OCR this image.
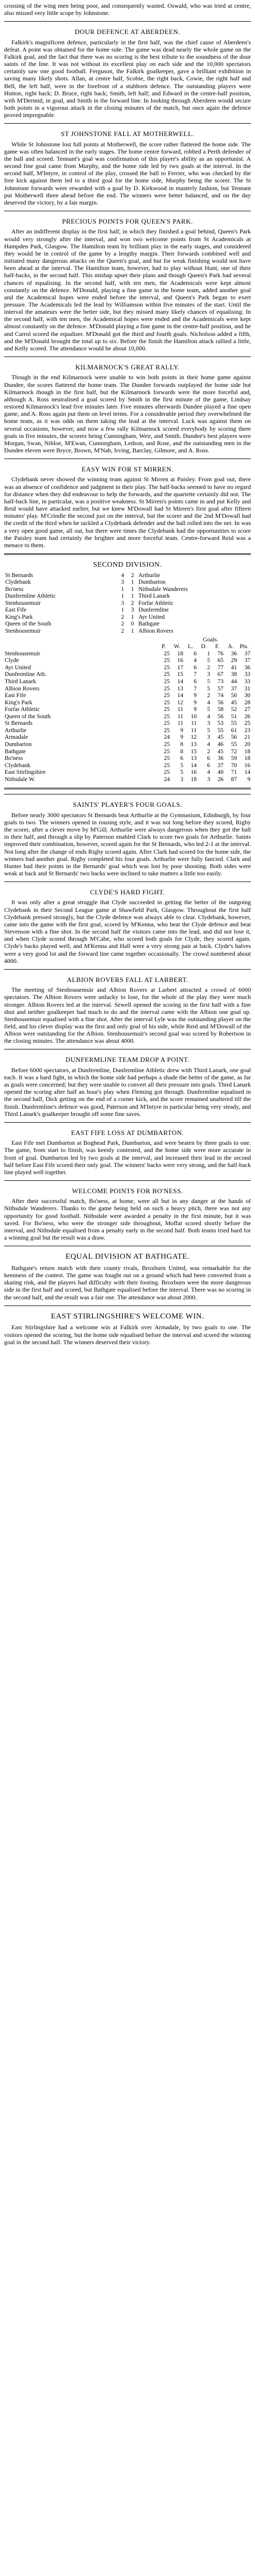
crossing of the wing men being poor, and consequently wasted. Oswald, who was tried at centre, also missed very little scope by Johnstone.

DOUR DEFENCE AT ABERDEEN.

Falkirk's magnificent defence, particularly in the first half, was the chief cause of Aberdeen's defeat. A point was obtained for the home side. The game was dead nearly the whole game on the Falkirk goal, and the fact that there was no scoring is the best tribute to the soundness of the dour saints of the line. It was not without its excellent play on each side and the 10,000 spectators certainly saw one good football. Ferguson, the Falkirk goalkeeper, gave a brilliant exhibition in saving many likely shots. Allan, at centre half, Scobie, the right back, Cowie, the right half and Bell, the left half, were in the forefront of a stubborn defence. The outstanding players were Hutton, right back; D. Bruce, right back; Smith, left half; and Edward in the centre-half position, with M'Dermid, in goal, and Smith in the forward line. In looking through Aberdeen would secure both points in a vigorous attack in the closing minutes of the match, but once again the defence proved impregnable.

ST JOHNSTONE FALL AT MOTHERWELL.

While St Johnstone lost full points at Motherwell, the score rather flattered the home side. The game was often balanced in the early stages. The home centre forward, robbed a Perth defender of the ball and scored. Tennant's goal was confirmation of this player's ability as an opportunist. A second fine goal came from Murphy, and the home side led by two goals at the interval. In the second half, M'Intyre, in control of the play, crossed the ball to Ferrier, who was checked by the free kick against them led to a third goal for the home side, Murphy being the scorer. The St Johnstone forwards were rewarded with a goal by D. Kirkwood in masterly fashion, but Tennant put Motherwell three ahead before the end. The winners were better balanced, and on the day deserved the victory, by a fair margin.

PRECIOUS POINTS FOR QUEEN'S PARK.

After an indifferent display in the first half, in which they finished a goal behind, Queen's Park would very strongly after the interval, and won two welcome points from St Academicals at Hampden Park, Glasgow. The Hamilton team by brilliant play in the early stages, and considered they would be in control of the game by a lengthy margin. Their forwards combined well and initiated many dangerous attacks on the Queen's goal, and but for weak finishing would not have been ahead at the interval. The Hamilton team, however, had to play without Hunt, one of their half-backs, in the second half. This mishap upset their plans and though Queen's Park had several chances of equalising. In the second half, with ten men, the Academicals were kept almost constantly on the defence. M'Donald, playing a fine game in the home team, added another goal and the Academical hopes were ended before the interval, and Queen's Park began to exert pressure. The Academicals led the lead by Williamson within five minutes of the start. Until the interval the amateurs were the better side, but they missed many likely chances of equalising. In the second half, with ten men, the Academical hopes were ended and the Academicals were kept almost constantly on the defence. M'Donald playing a fine game in the centre-half position, and he and Carrol scored the equaliser. M'Donald got the third and fourth goals. Nicholson added a fifth, and the M'Donald brought the total up to six. Before the finish the Hamilton attack rallied a little, and Kelly scored. The attendance would be about 10,000.

KILMARNOCK'S GREAT RALLY.

Though in the end Kilmarnock were unable to win both points in their home game against Dundee, the scores flattered the home team. The Dundee forwards outplayed the home side but Kilmarnock though in the first half, but the Kilmarnock forwards were the more forceful and, although A. Ross neutralised a goal scored by Smith in the first minute of the game, Lindsay restored Kilmarnock's lead five minutes later. Five minutes afterwards Dundee played a fine open game, and A. Ross again put them on level terms. For a considerable period they overwhelmed the home team, as it was odds on them taking the lead at the interval. Luck was against them on several occasions, however, and now a few rally Kilmarnock scored everybody by scoring three goals in five minutes, the scorers being Cunningham, Weir, and Smith. Dundee's best players were Morgan, Swan, Nibloe, M'Ewan, Cunningham, Ledson, and Rose, and the outstanding men in the Dundee eleven were Bryce, Brown, M'Nab, Irving, Barclay, Gilmore, and A. Ross.

EASY WIN FOR ST MIRREN.

Clydebank never showed the winning team against St Mirren at Paisley. From goal out, there was an absence of confidence and judgment in their play. The half-backs seemed to have no regard for distance when they did endeavour to help the forwards, and the quartette certainly did not. The half-back line, in particular, was a positive weakness. St Mirren's points came in and put Kelly and Reid would have attacked earlier, but we knew M'Dowall had St Mirren's first goal after fifteen minutes' play. M'Crindle the second just on the interval, but the scorer and the 2nd M'Dowall had the credit of the third when he tackled a Clydebank defender and the ball rolled into the net. In was a very open good game, all out, but there were times the Clydebank had the opportunities to score the Paisley team had certainly the brighter and more forceful team. Centre-forward Reid was a menace to them.

SECOND DIVISION.
St Bernards	4	2	Arthurlie
Clydebank	3	1	Dumbarton
Bo'ness	1	1	Nithsdale Wanderers
Dunfermline Athletic	1	1	Third Lanark
Stenhousemuir	3	2	Forfar Athletic
East Fife	1	3	Dunfermline
King's Park	2	1	Ayr United
Queen of the South	2	0	Bathgate
Stenhousemuir	2	1	Albion Rovers
				Goals.			
	P.	W.	L.	D.	F.	A.	Pts.
Stenhousemuir	25	18	6	1	76	36	37
Clyde	25	16	4	5	65	29	37
Ayr United	25	17	6	2	77	41	36
Dunfermline Ath.	25	15	7	3	67	38	33
Third Lanark	25	14	6	5	73	44	33
Albion Rovers	25	13	7	5	57	37	31
East Fife	25	14	9	2	74	50	30
King's Park	25	12	9	4	56	45	28
Forfar Athletic	25	11	9	5	58	52	27
Queen of the South	25	11	10	4	56	51	26
St Bernards	25	11	11	3	53	55	25
Arthurlie	25	9	11	5	55	61	23
Armadale	24	9	12	3	45	56	21
Dumbarton	25	8	13	4	46	55	20
Bathgate	25	8	15	2	45	72	18
Bo'ness	25	6	13	6	36	59	18
Clydebank	25	5	14	6	37	70	16
East Stirlingshire	25	5	16	4	40	71	14
Nithsdale W.	24	3	18	3	26	87	9
SAINTS' PLAYER'S FOUR GOALS.

Before nearly 3000 spectators St Bernards beat Arthurlie at the Gymnasium, Edinburgh, by four goals to two. The winners opened in rousing style, and it was not long before they scored, Rigby the scorer, after a clever move by M'Gill. Arthurlie were always dangerous when they got the ball in their half, and through a slip by Paterson enabled Clark to score two goals for Arthurlie. Saints improved their combination, however, scored again for the St Bernards, who led 2-1 at the interval. Not long after the change of ends Rigby scored again. After Clark had scored for the home side, the winners had another goal. Rigby completed his four goals. Arthurlie were fully fancied. Clark and Hunter had their points in the Bernards' goal which was lost by poor shooting. Both sides were weak at back and St Bernards' two backs were inclined to take matters a little too easily.

CLYDE'S HARD FIGHT.

It was only after a great struggle that Clyde succeeded in getting the better of the outgoing Clydebank in their Second League game at Shawfield Park, Glasgow. Throughout the first half Clydebank pressed strongly, but the Clyde defence was always able to clear. Clydebank, however, came into the game with the first goal, scored by M'Kenna, who beat the Clyde defence and beat Stevenson with a fine shot. In the second half the visitors came into the lead, and did not lose it, and when Clyde scored through M'Cabe, who scored both goals for Clyde, they scored again. Clyde's backs played well, and M'Kenna and Hall were a very strong pair at back. Clyde's halves were a very good lot and the forward line came together occasionally. The crowd numbered about 4000.

ALBION ROVERS FALL AT LARBERT.

The meeting of Stenhousemuir and Albion Rovers at Larbert attracted a crowd of 6000 spectators. The Albion Rovers were unlucky to lose, for the whole of the play they were much stronger. Albion Rovers led at the interval. Sewell opened the scoring in the first half with a fine shot and neither goalkeeper had much to do and the interval came with the Albion one goal up. Stenhousemuir equalised with a fine shot. After the interval Lyle was the outstanding player on the field, and his clever display was the first and only goal of his side, while Reid and M'Dowall of the Albion were outstanding for the Albion. Stenhousemuir's second goal was scored by Robertson in the closing minutes. The attendance was about 4000.

DUNFERMLINE TEAM DROP A POINT.

Before 6000 spectators, at Dunfermline, Dunfermline Athletic drew with Third Lanark, one goal each. It was a hard fight, in which the home side had perhaps a shade the better of the game, as far as goals were concerned; but they were unable to convert all their pressure into goals. Third Lanark opened the scoring after half an hour's play when Fleming got through. Dunfermline equalised in the second half, Dick getting on the end of a corner kick, and the score remained unaltered till the finish. Dunfermline's defence was good, Paterson and M'Intyre in particular being very steady, and Third Lanark's goalkeeper brought off some fine saves.

EAST FIFE LOSS AT DUMBARTON.

East Fife met Dumbarton at Boghead Park, Dumbarton, and were beaten by three goals to one. The game, from start to finish, was keenly contested, and the home side were more accurate in front of goal. Dumbarton led by two goals at the interval, and increased their lead in the second half before East Fife scored their only goal. The winners' backs were very strong, and the half-back line played well together.

WELCOME POINTS FOR BO'NESS.

After their successful match, Bo'ness, at home, were all but in any danger at the hands of Nithsdale Wanderers. Thanks to the game being held on such a heavy pitch, there was not any opportunity for good football. Nithsdale were awarded a penalty in the first minute, but it was saved. For Bo'ness, who were the stronger side throughout, Moffat scored shortly before the interval, and Nithsdale equalised from a penalty early in the second half. Both teams tried hard for a winning goal but the result was a draw.

EQUAL DIVISION AT BATHGATE.

Bathgate's return match with their county rivals, Broxburn United, was remarkable for the keenness of the contest. The game was fought out on a ground which had been converted from a skating rink, and the players had difficulty with their footing. Broxburn were the more dangerous side in the first half and scored, but Bathgate equalised before the interval. There was no scoring in the second half, and the result was a fair one. The attendance was about 2000.

EAST STIRLINGSHIRE'S WELCOME WIN.

East Stirlingshire had a welcome win at Falkirk over Armadale, by two goals to one. The visitors opened the scoring, but the home side equalised before the interval and scored the winning goal in the second half. The winners deserved their victory.
